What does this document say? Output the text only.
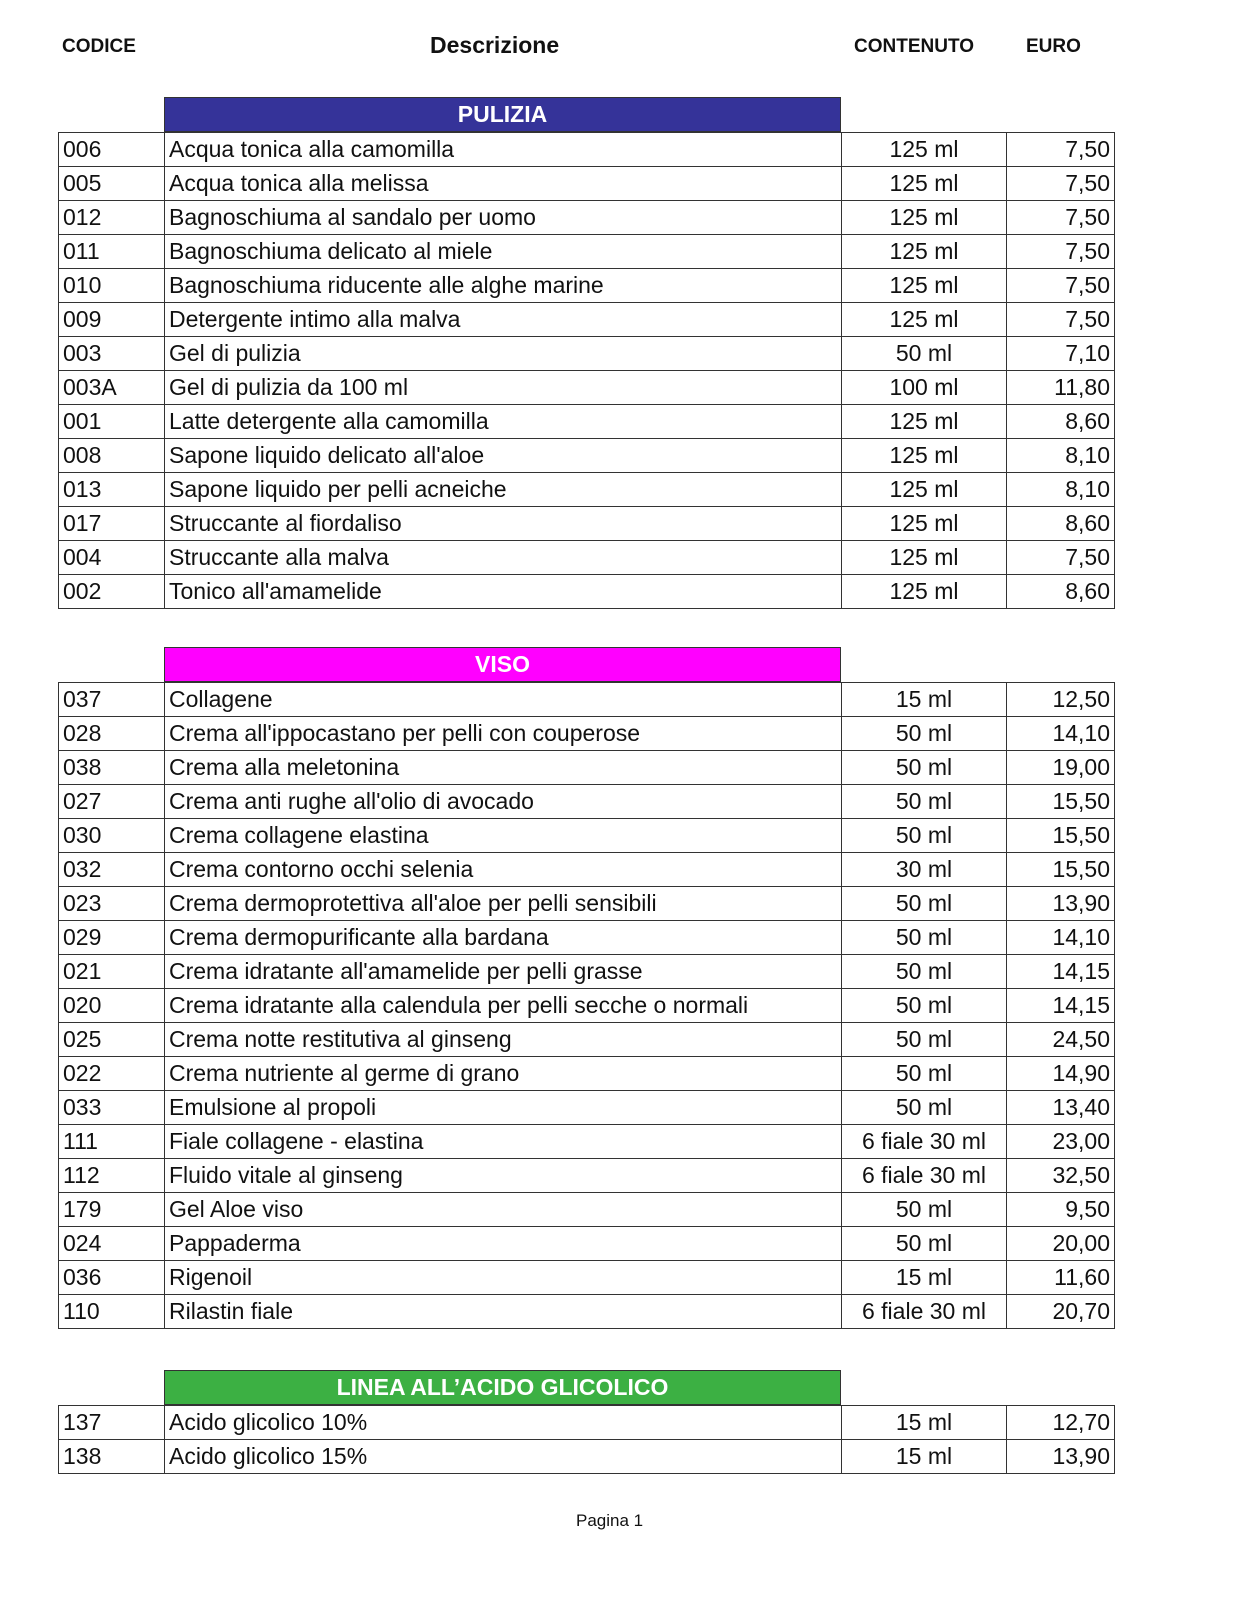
CODICE	Descrizione	CONTENUTO	EURO
PULIZIA
006	Acqua tonica alla camomilla	125 ml	7,50
005	Acqua tonica alla melissa	125 ml	7,50
012	Bagnoschiuma al sandalo per uomo	125 ml	7,50
011	Bagnoschiuma delicato al miele	125 ml	7,50
010	Bagnoschiuma riducente alle alghe marine	125 ml	7,50
009	Detergente intimo alla malva	125 ml	7,50
003	Gel di pulizia	50 ml	7,10
003A	Gel di pulizia da 100 ml	100 ml	11,80
001	Latte detergente alla camomilla	125 ml	8,60
008	Sapone liquido delicato all'aloe	125 ml	8,10
013	Sapone liquido per pelli acneiche	125 ml	8,10
017	Struccante al fiordaliso	125 ml	8,60
004	Struccante alla malva	125 ml	7,50
002	Tonico all'amamelide	125 ml	8,60
VISO
037	Collagene	15 ml	12,50
028	Crema all'ippocastano per pelli con couperose	50 ml	14,10
038	Crema alla meletonina	50 ml	19,00
027	Crema anti rughe all'olio di avocado	50 ml	15,50
030	Crema collagene elastina	50 ml	15,50
032	Crema contorno occhi selenia	30 ml	15,50
023	Crema dermoprotettiva all'aloe per pelli sensibili	50 ml	13,90
029	Crema dermopurificante alla bardana	50 ml	14,10
021	Crema idratante all'amamelide per pelli grasse	50 ml	14,15
020	Crema idratante alla calendula per pelli secche o normali	50 ml	14,15
025	Crema notte restitutiva al ginseng	50 ml	24,50
022	Crema nutriente al germe di grano	50 ml	14,90
033	Emulsione al propoli	50 ml	13,40
111	Fiale collagene - elastina	6 fiale 30 ml	23,00
112	Fluido vitale al ginseng	6 fiale 30 ml	32,50
179	Gel Aloe viso	50 ml	9,50
024	Pappaderma	50 ml	20,00
036	Rigenoil	15 ml	11,60
110	Rilastin fiale	6 fiale 30 ml	20,70
LINEA ALL’ACIDO GLICOLICO
137	Acido glicolico 10%	15 ml	12,70
138	Acido glicolico 15%	15 ml	13,90
Pagina 1
